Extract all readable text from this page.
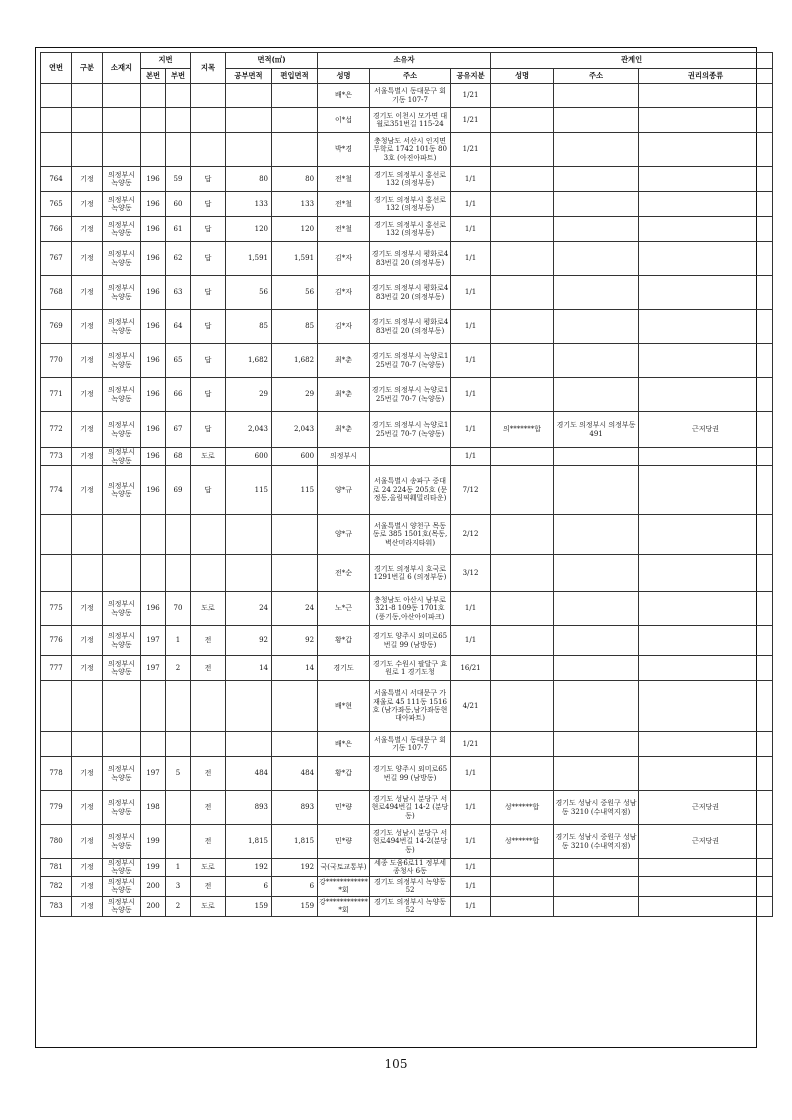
연번	구분	소재지	지번		지목	면적(㎡)		소유자			관계인		
			본번	부번		공부면적	편입면적	성명	주소	공유지분	성명	주소	권리의종류
								배*은	서울특별시 동대문구 회기동 107-7	1/21			
								이*섭	경기도 이천시 모가면 대월로351번길 115-24	1/21			
								박*경	충청남도 서산시 인지면 무학로 1742 101동 803호 (아진아파트)	1/21			
764	기정	의정부시 녹양동	196	59	답	80	80	전*철	경기도 의정부시 홍선로 132 (의정부동)	1/1			
765	기정	의정부시 녹양동	196	60	답	133	133	전*철	경기도 의정부시 홍선로 132 (의정부동)	1/1			
766	기정	의정부시 녹양동	196	61	답	120	120	전*철	경기도 의정부시 홍선로 132 (의정부동)	1/1			
767	기정	의정부시 녹양동	196	62	답	1,591	1,591	김*자	경기도 의정부시 평화로483번길 20 (의정부동)	1/1			
768	기정	의정부시 녹양동	196	63	답	56	56	김*자	경기도 의정부시 평화로483번길 20 (의정부동)	1/1			
769	기정	의정부시 녹양동	196	64	답	85	85	김*자	경기도 의정부시 평화로483번길 20 (의정부동)	1/1			
770	기정	의정부시 녹양동	196	65	답	1,682	1,682	최*춘	경기도 의정부시 녹양로125번길 70-7 (녹양동)	1/1			
771	기정	의정부시 녹양동	196	66	답	29	29	최*춘	경기도 의정부시 녹양로125번길 70-7 (녹양동)	1/1			
772	기정	의정부시 녹양동	196	67	답	2,043	2,043	최*춘	경기도 의정부시 녹양로125번길 70-7 (녹양동)	1/1	의*******합	경기도 의정부시 의정부동 491	근저당권
773	기정	의정부시 녹양동	196	68	도로	600	600	의정부시		1/1			
774	기정	의정부시 녹양동	196	69	답	115	115	양*규	서울특별시 송파구 중대로 24 224동 205호 (문정동,올림픽훼밀리타운)	7/12			
								양*규	서울특별시 양천구 목동동로 385 1501호(목동,벽산미라지타워)	2/12			
								전*순	경기도 의정부시 호국로 1291번길 6 (의정부동)	3/12			
775	기정	의정부시 녹양동	196	70	도로	24	24	노*근	충청남도 아산시 남부로 321-8 109동 1701호 (풍기동,아산아이파크)	1/1			
776	기정	의정부시 녹양동	197	1	전	92	92	황*갑	경기도 양주시 외미로65번길 99 (남방동)	1/1			
777	기정	의정부시 녹양동	197	2	전	14	14	경기도	경기도 수원시 팔달구 효원로 1 경기도청	16/21			
								배*현	서울특별시 서대문구 가재울로 45 111동 1516호 (남가좌동,남가좌동현대아파트)	4/21			
								배*은	서울특별시 동대문구 회기동 107-7	1/21			
778	기정	의정부시 녹양동	197	5	전	484	484	황*갑	경기도 양주시 외미로65번길 99 (남방동)	1/1			
779	기정	의정부시 녹양동	198		전	893	893	민*량	경기도 성남시 분당구 서현로494번길 14-2 (분당동)	1/1	성******합	경기도 성남시 중원구 성남동 3210 (수내역지점)	근저당권
780	기정	의정부시 녹양동	199		전	1,815	1,815	민*량	경기도 성남시 분당구 서현로494번길 14-2(분당동)	1/1	성******합	경기도 성남시 중원구 성남동 3210 (수내역지점)	근저당권
781	기정	의정부시 녹양동	199	1	도로	192	192	국(국토교통부)	세종 도움6로11 정부세종청사 6동	1/1			
782	기정	의정부시 녹양동	200	3	전	6	6	강*************회	경기도 의정부시 녹양동 52	1/1			
783	기정	의정부시 녹양동	200	2	도로	159	159	강*************회	경기도 의정부시 녹양동 52	1/1			
105
